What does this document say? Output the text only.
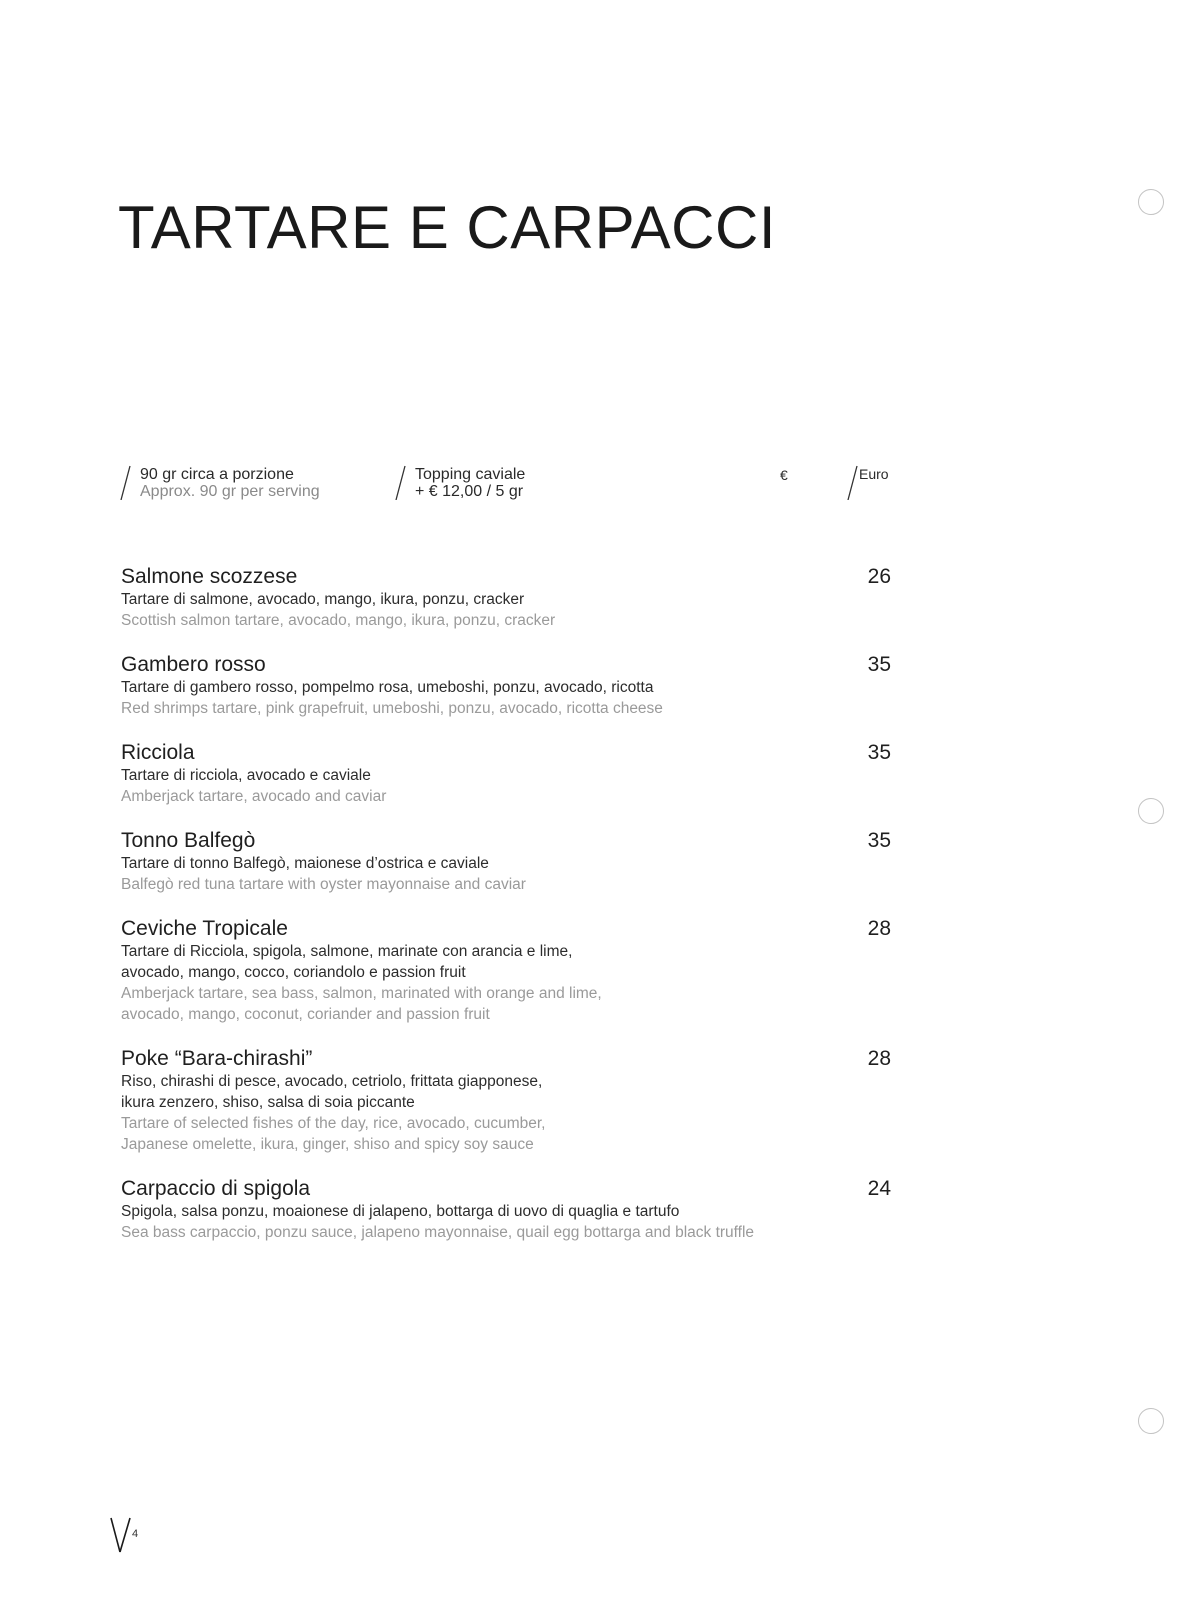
TARTARE E CARPACCI
90 gr circa a porzione
Approx. 90 gr per serving
Topping caviale
+ € 12,00 / 5 gr
€	Euro
Salmone scozzese	26
Tartare di salmone, avocado, mango, ikura, ponzu, cracker
Scottish salmon tartare, avocado, mango, ikura, ponzu, cracker
Gambero rosso	35
Tartare di gambero rosso, pompelmo rosa, umeboshi, ponzu, avocado, ricotta
Red shrimps tartare, pink grapefruit, umeboshi, ponzu, avocado, ricotta cheese
Ricciola	35
Tartare di ricciola, avocado e caviale
Amberjack tartare, avocado and caviar
Tonno Balfegò	35
Tartare di tonno Balfegò, maionese d’ostrica e caviale
Balfegò red tuna tartare with oyster mayonnaise and caviar
Ceviche Tropicale	28
Tartare di Ricciola, spigola, salmone, marinate con arancia e lime,
avocado, mango, cocco, coriandolo e passion fruit
Amberjack tartare, sea bass, salmon, marinated with orange and lime,
avocado, mango, coconut, coriander and passion fruit
Poke “Bara-chirashi”	28
Riso, chirashi di pesce, avocado, cetriolo, frittata giapponese,
ikura zenzero, shiso, salsa di soia piccante
Tartare of selected fishes of the day, rice, avocado, cucumber,
Japanese omelette, ikura, ginger, shiso and spicy soy sauce
Carpaccio di spigola	24
Spigola, salsa ponzu, moaionese di jalapeno, bottarga di uovo di quaglia e tartufo
Sea bass carpaccio, ponzu sauce, jalapeno mayonnaise, quail egg bottarga and black truffle
4
